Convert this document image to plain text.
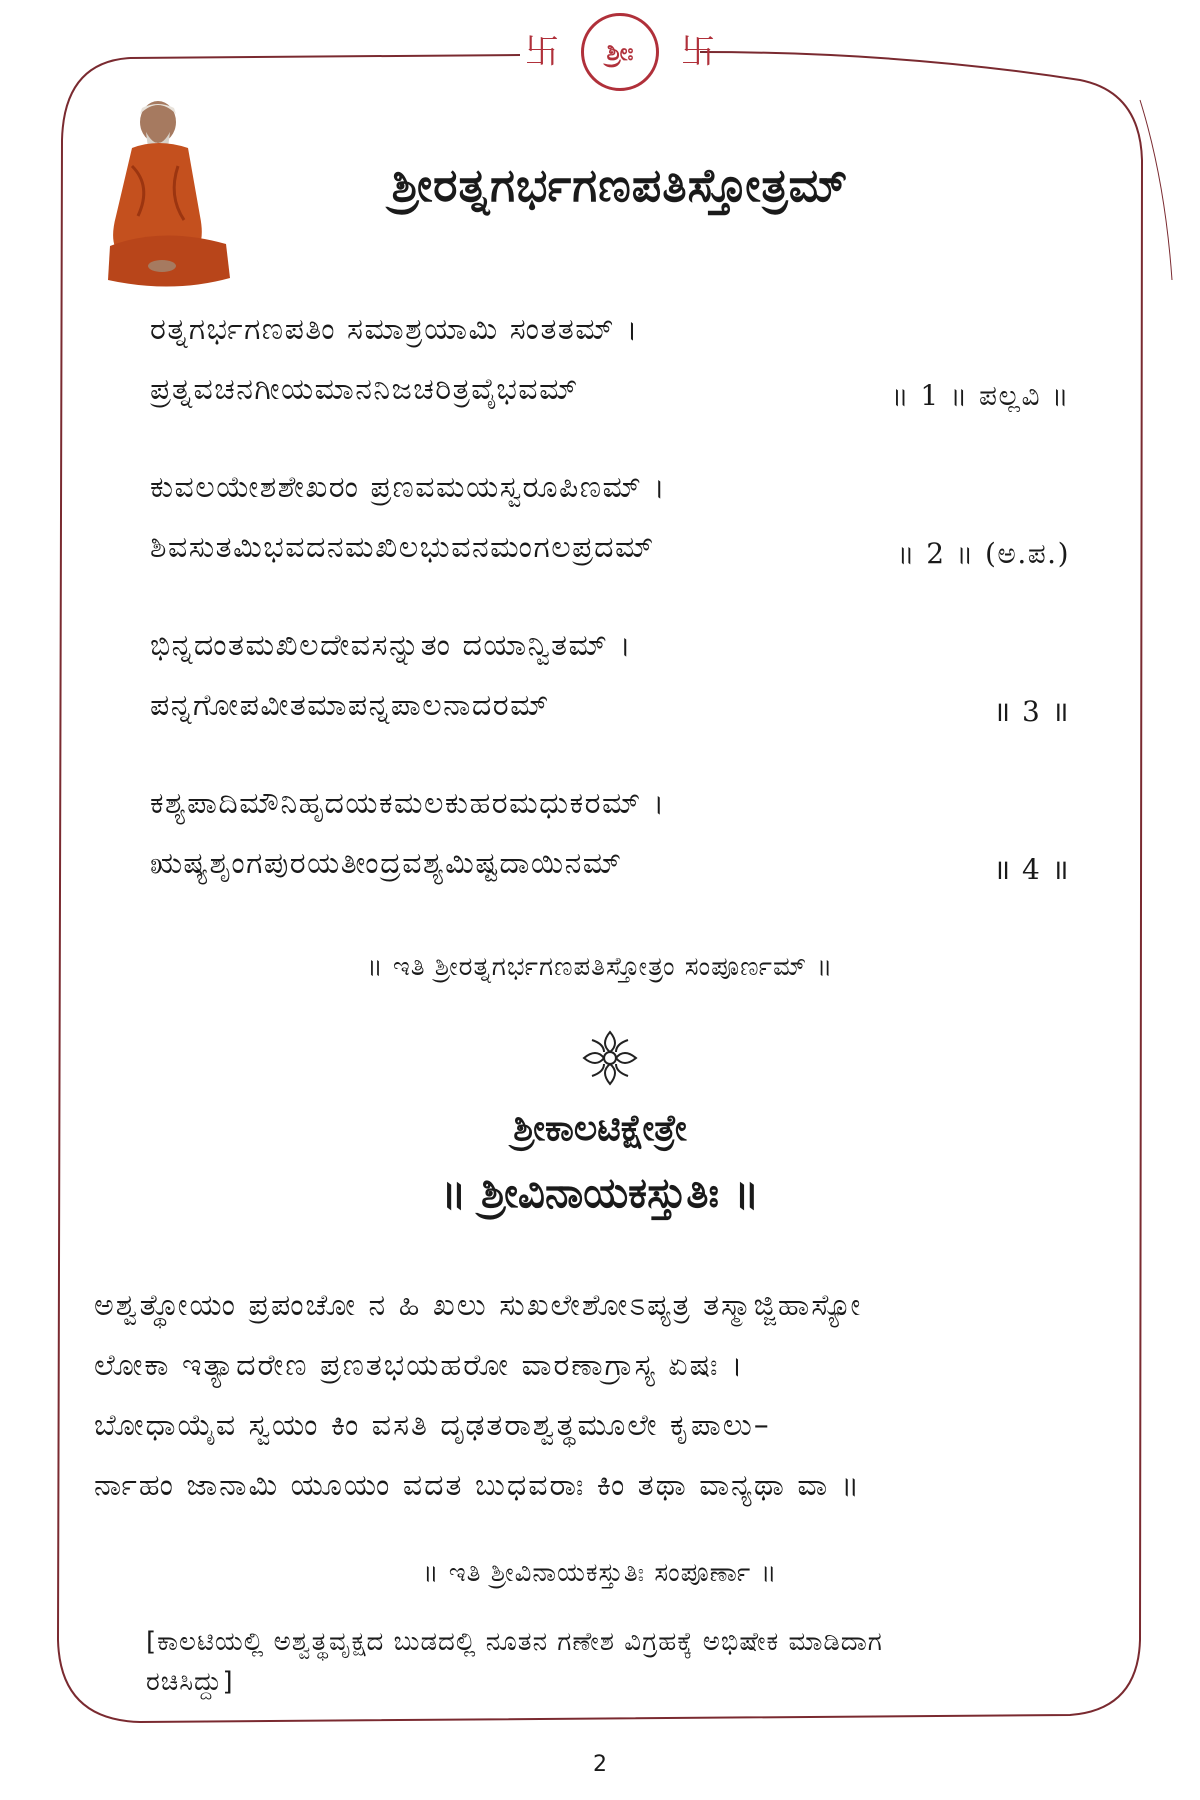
卐 ಶ್ರೀಃ 卐
ಶ್ರೀರತ್ನಗರ್ಭಗಣಪತಿಸ್ತೋತ್ರಮ್
ರತ್ನಗರ್ಭಗಣಪತಿಂ ಸಮಾಶ್ರಯಾಮಿ ಸಂತತಮ್ ।
ಪ್ರತ್ನವಚನಗೀಯಮಾನನಿಜಚರಿತ್ರವೈಭವಮ್	॥ 1 ॥ ಪಲ್ಲವಿ ॥
ಕುವಲಯೇಶಶೇಖರಂ ಪ್ರಣವಮಯಸ್ವರೂಪಿಣಮ್ ।
ಶಿವಸುತಮಿಭವದನಮಖಿಲಭುವನಮಂಗಲಪ್ರದಮ್	॥ 2 ॥ (ಅ.ಪ.)
ಭಿನ್ನದಂತಮಖಿಲದೇವಸನ್ನುತಂ ದಯಾನ್ವಿತಮ್ ।
ಪನ್ನಗೋಪವೀತಮಾಪನ್ನಪಾಲನಾದರಮ್	॥ 3 ॥
ಕಶ್ಯಪಾದಿಮೌನಿಹೃದಯಕಮಲಕುಹರಮಧುಕರಮ್ ।
ಋಷ್ಯಶೃಂಗಪುರಯತೀಂದ್ರವಶ್ಯಮಿಷ್ಟದಾಯಿನಮ್	॥ 4 ॥
॥ ಇತಿ ಶ್ರೀರತ್ನಗರ್ಭಗಣಪತಿಸ್ತೋತ್ರಂ ಸಂಪೂರ್ಣಮ್ ॥
ಶ್ರೀಕಾಲಟಿಕ್ಷೇತ್ರೇ
॥ ಶ್ರೀವಿನಾಯಕಸ್ತುತಿಃ ॥
ಅಶ್ವತ್ಥೋಯಂ ಪ್ರಪಂಚೋ ನ ಹಿ ಖಲು ಸುಖಲೇಶೋಽಪ್ಯತ್ರ ತಸ್ಮಾಜ್ಜಿಹಾಸ್ಯೋ
ಲೋಕಾ ಇತ್ಯಾದರೇಣ ಪ್ರಣತಭಯಹರೋ ವಾರಣಾಗ್ರಾಸ್ಯ ಏಷಃ ।
ಬೋಧಾಯೈವ ಸ್ವಯಂ ಕಿಂ ವಸತಿ ದೃಢತರಾಶ್ವತ್ಥಮೂಲೇ ಕೃಪಾಲು–
ರ್ನಾಹಂ ಜಾನಾಮಿ ಯೂಯಂ ವದತ ಬುಧವರಾಃ ಕಿಂ ತಥಾ ವಾನ್ಯಥಾ ವಾ ॥
॥ ಇತಿ ಶ್ರೀವಿನಾಯಕಸ್ತುತಿಃ ಸಂಪೂರ್ಣಾ ॥
[ಕಾಲಟಿಯಲ್ಲಿ ಅಶ್ವತ್ಥವೃಕ್ಷದ ಬುಡದಲ್ಲಿ ನೂತನ ಗಣೇಶ ವಿಗ್ರಹಕ್ಕೆ ಅಭಿಷೇಕ ಮಾಡಿದಾಗ
ರಚಿಸಿದ್ದು]
2
